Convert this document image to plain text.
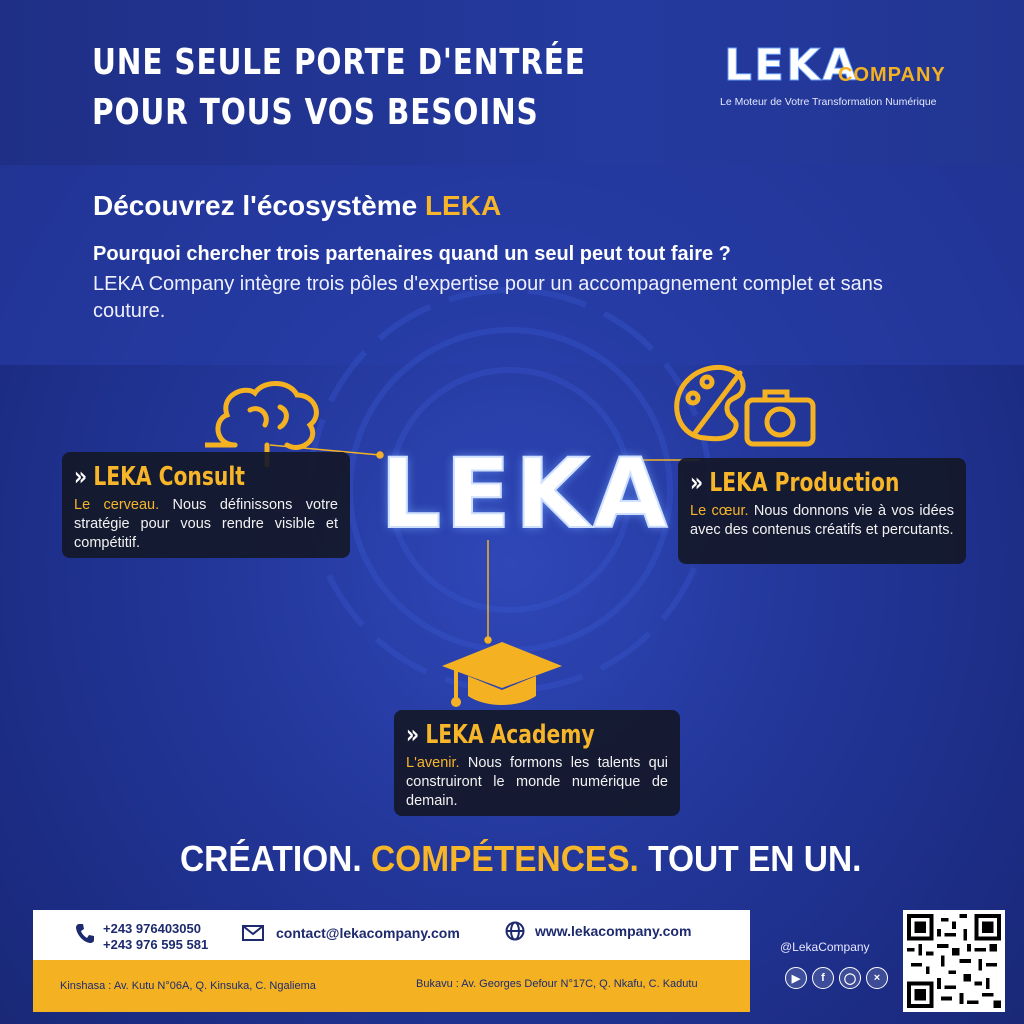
UNE SEULE PORTE D'ENTRÉE
POUR TOUS VOS BESOINS
LEKA
COMPANY
Le Moteur de Votre Transformation Numérique
Découvrez l'écosystème LEKA
Pourquoi chercher trois partenaires quand un seul peut tout faire ?
LEKA Company intègre trois pôles d'expertise pour un accompagnement complet et sans couture.
LEKA
» LEKA Consult
Le cerveau. Nous définissons votre stratégie pour vous rendre visible et compétitif.
» LEKA Production
Le cœur. Nous donnons vie à vos idées avec des contenus créatifs et percutants.
» LEKA Academy
L'avenir. Nous formons les talents qui construiront le monde numérique de demain.
CRÉATION. COMPÉTENCES. TOUT EN UN.
+243 976403050
+243 976 595 581
contact@lekacompany.com	www.lekacompany.com
Kinshasa : Av. Kutu N°06A, Q. Kinsuka, C. Ngaliema	Bukavu : Av. Georges Defour N°17C, Q. Nkafu, C. Kadutu
@LekaCompany
▶	f	◯	×
